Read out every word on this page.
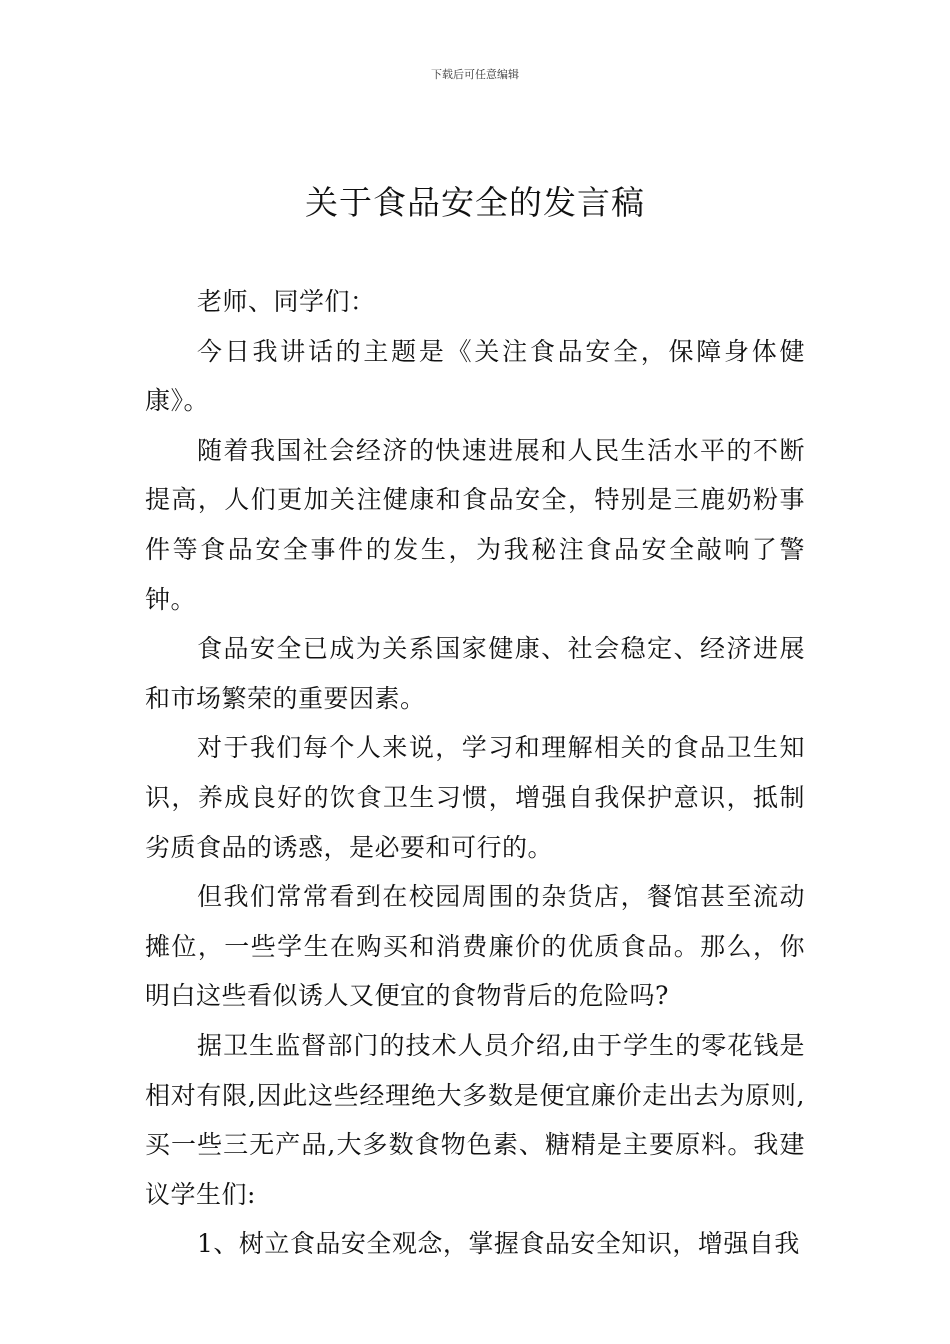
下载后可任意编辑
关于食品安全的发言稿

老师、同学们：

今日我讲话的主题是《关注食品安全，保障身体健康》。

随着我国社会经济的快速进展和人民生活水平的不断提高，人们更加关注健康和食品安全，特别是三鹿奶粉事件等食品安全事件的发生，为我秘注食品安全敲响了警钟。

食品安全已成为关系国家健康、社会稳定、经济进展和市场繁荣的重要因素。

对于我们每个人来说，学习和理解相关的食品卫生知识，养成良好的饮食卫生习惯，增强自我保护意识，抵制劣质食品的诱惑，是必要和可行的。

但我们常常看到在校园周围的杂货店，餐馆甚至流动摊位，一些学生在购买和消费廉价的优质食品。那么，你明白这些看似诱人又便宜的食物背后的危险吗?

据卫生监督部门的技术人员介绍,由于学生的零花钱是相对有限,因此这些经理绝大多数是便宜廉价走出去为原则,买一些三无产品,大多数食物色素、糖精是主要原料。我建议学生们:

1、树立食品安全观念，掌握食品安全知识，增强自我
